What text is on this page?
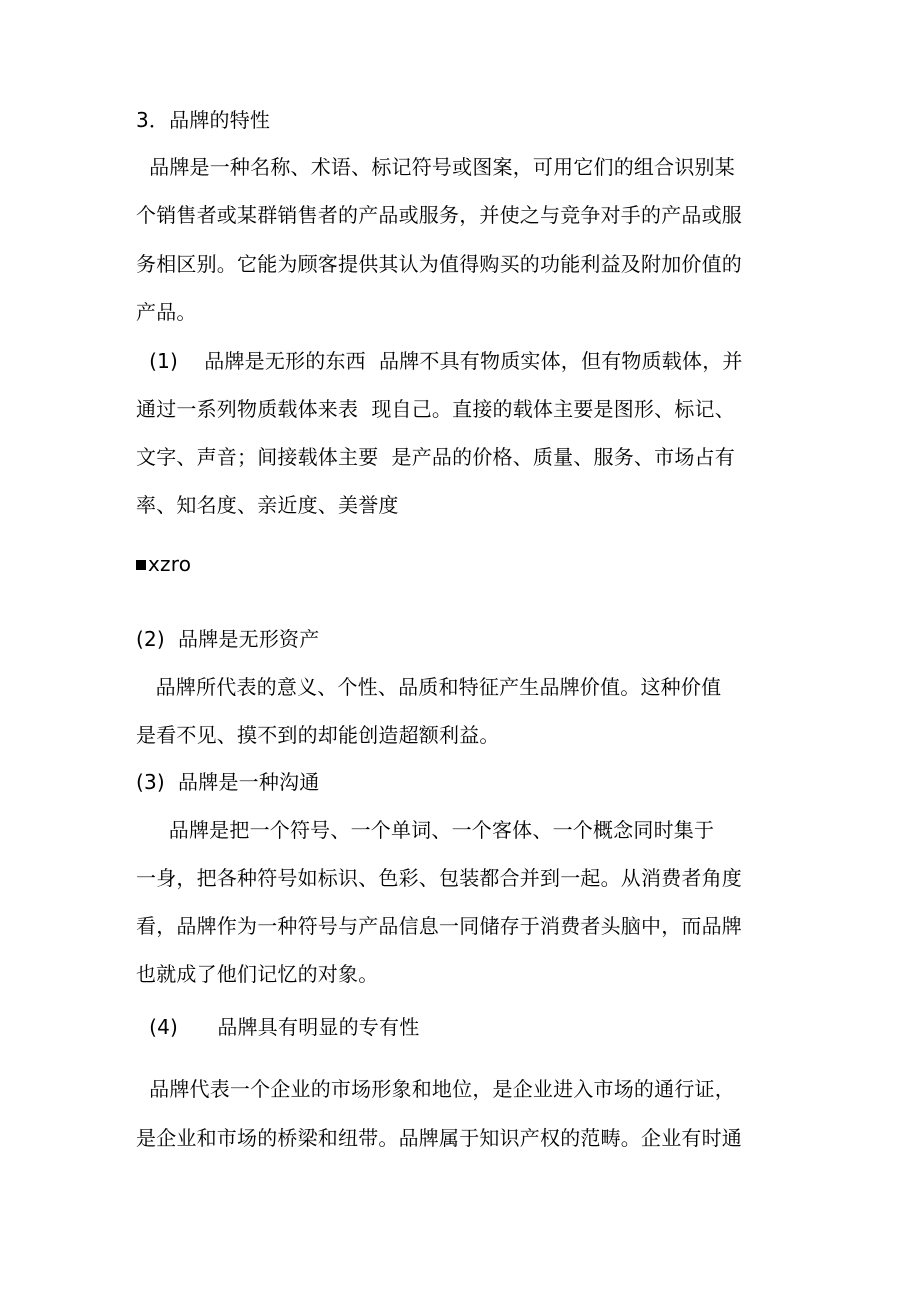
3．品牌的特性
品牌是一种名称、术语、标记符号或图案，可用它们的组合识别某
个销售者或某群销售者的产品或服务，并使之与竞争对手的产品或服
务相区别。它能为顾客提供其认为值得购买的功能利益及附加价值的
产品。
(1)    品牌是无形的东西  品牌不具有物质实体，但有物质载体，并
通过一系列物质载体来表  现自己。直接的载体主要是图形、标记、
文字、声音；间接载体主要  是产品的价格、质量、服务、市场占有
率、知名度、亲近度、美誉度
xzro
(2)  品牌是无形资产
品牌所代表的意义、个性、品质和特征产生品牌价值。这种价值
是看不见、摸不到的却能创造超额利益。
(3)  品牌是一种沟通
品牌是把一个符号、一个单词、一个客体、一个概念同时集于
一身，把各种符号如标识、色彩、包装都合并到一起。从消费者角度
看，品牌作为一种符号与产品信息一同储存于消费者头脑中，而品牌
也就成了他们记忆的对象。
(4)      品牌具有明显的专有性
品牌代表一个企业的市场形象和地位，是企业进入市场的通行证，
是企业和市场的桥梁和纽带。品牌属于知识产权的范畴。企业有时通
